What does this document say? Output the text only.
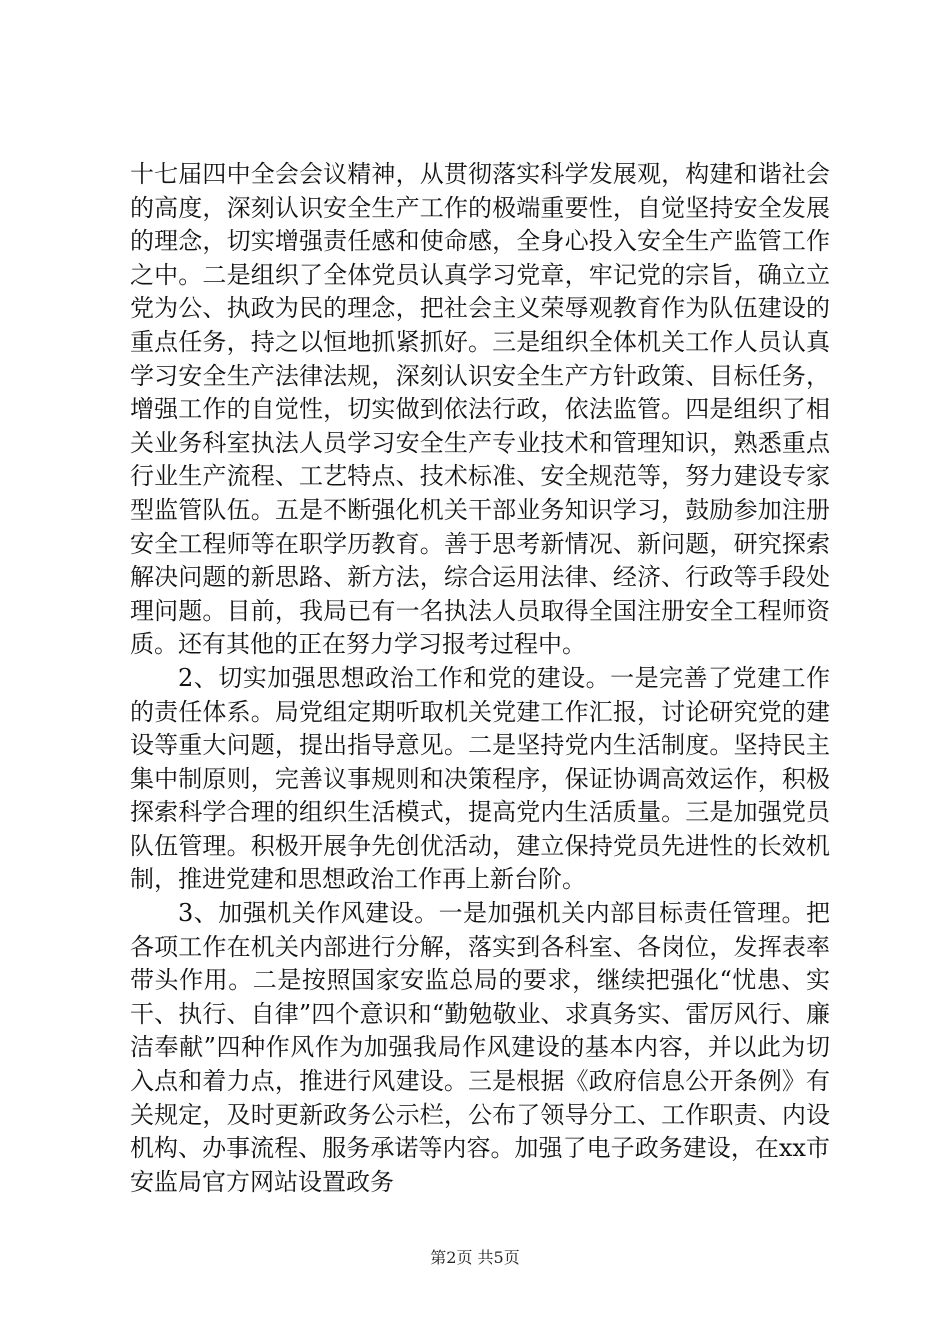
十七届四中全会会议精神，从贯彻落实科学发展观，构建和谐社会的高度，深刻认识安全生产工作的极端重要性，自觉坚持安全发展的理念，切实增强责任感和使命感，全身心投入安全生产监管工作之中。二是组织了全体党员认真学习党章，牢记党的宗旨，确立立党为公、执政为民的理念，把社会主义荣辱观教育作为队伍建设的重点任务，持之以恒地抓紧抓好。三是组织全体机关工作人员认真学习安全生产法律法规，深刻认识安全生产方针政策、目标任务，增强工作的自觉性，切实做到依法行政，依法监管。四是组织了相关业务科室执法人员学习安全生产专业技术和管理知识，熟悉重点行业生产流程、工艺特点、技术标准、安全规范等，努力建设专家型监管队伍。五是不断强化机关干部业务知识学习，鼓励参加注册安全工程师等在职学历教育。善于思考新情况、新问题，研究探索解决问题的新思路、新方法，综合运用法律、经济、行政等手段处理问题。目前，我局已有一名执法人员取得全国注册安全工程师资质。还有其他的正在努力学习报考过程中。

2、切实加强思想政治工作和党的建设。一是完善了党建工作的责任体系。局党组定期听取机关党建工作汇报，讨论研究党的建设等重大问题，提出指导意见。二是坚持党内生活制度。坚持民主集中制原则，完善议事规则和决策程序，保证协调高效运作，积极探索科学合理的组织生活模式，提高党内生活质量。三是加强党员队伍管理。积极开展争先创优活动，建立保持党员先进性的长效机制，推进党建和思想政治工作再上新台阶。

3、加强机关作风建设。一是加强机关内部目标责任管理。把各项工作在机关内部进行分解，落实到各科室、各岗位，发挥表率带头作用。二是按照国家安监总局的要求，继续把强化“忧患、实干、执行、自律”四个意识和“勤勉敬业、求真务实、雷厉风行、廉洁奉献”四种作风作为加强我局作风建设的基本内容，并以此为切入点和着力点，推进行风建设。三是根据《政府信息公开条例》有关规定，及时更新政务公示栏，公布了领导分工、工作职责、内设机构、办事流程、服务承诺等内容。加强了电子政务建设，在xx市安监局官方网站设置政务

第2页 共5页
